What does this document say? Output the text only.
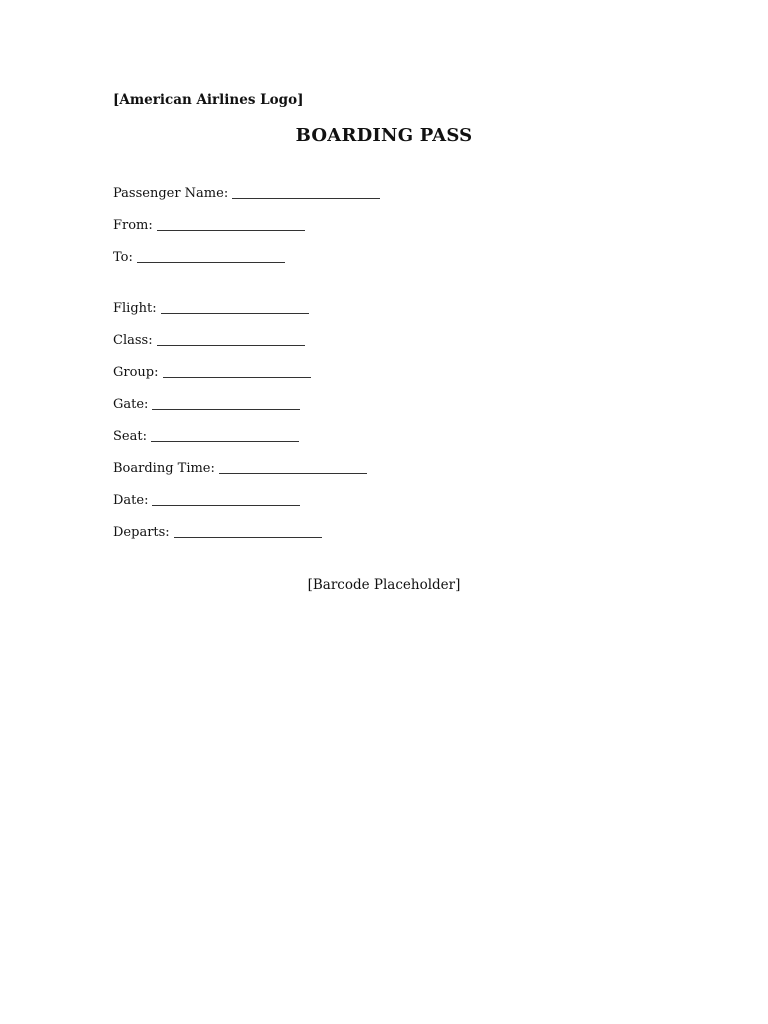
[American Airlines Logo]
BOARDING PASS
Passenger Name:
From:
To:
Flight:
Class:
Group:
Gate:
Seat:
Boarding Time:
Date:
Departs:
[Barcode Placeholder]
